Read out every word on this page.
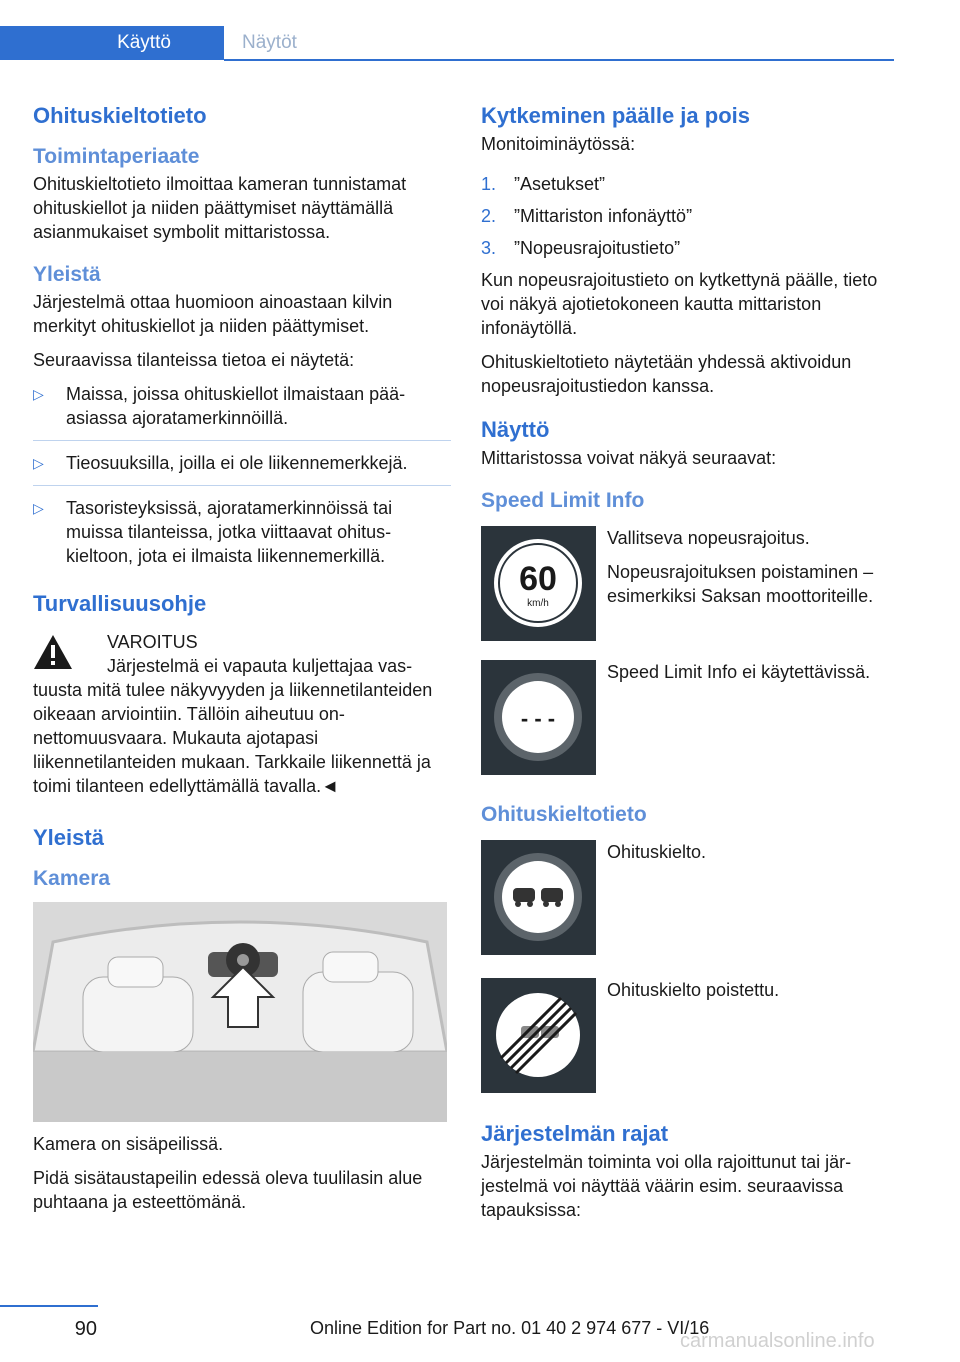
Käyttö	Näytöt
Ohituskieltotieto
Toimintaperiaate

Ohituskieltotieto ilmoittaa kameran tunnistamat ohituskiellot ja niiden päättymiset näyttämällä asianmukaiset symbolit mittaristossa.

Yleistä

Järjestelmä ottaa huomioon ainoastaan kilvin merkityt ohituskiellot ja niiden päättymiset.

Seuraavissa tilanteissa tietoa ei näytetä:

▷ Maissa, joissa ohituskiellot ilmaistaan pääasiassa ajoratamerkinnöillä.
▷ Tieosuuksilla, joilla ei ole liikennemerkkejä.
▷ Tasoristeyksissä, ajoratamerkinnöissä tai muissa tilanteissa, jotka viittaavat ohituskieltoon, jota ei ilmaista liikennemerkillä.
Turvallisuusohje

VAROITUS

Järjestelmä ei vapauta kuljettajaa vastuusta mitä tulee näkyvyyden ja liikennetilanteiden oikeaan arviointiin. Tällöin aiheutuu onnettomuusvaara. Mukauta ajotapasi liikennetilanteiden mukaan. Tarkkaile liikennettä ja toimi tilanteen edellyttämällä tavalla.◄

Yleistä
Kamera

Kamera on sisäpeilissä.

Pidä sisätaustapeilin edessä oleva tuulilasin alue puhtaana ja esteettömänä.

Kytkeminen päälle ja pois

Monitoiminäytössä:

1. ”Asetukset”
2. ”Mittariston infonäyttö”
3. ”Nopeusrajoitustieto”

Kun nopeusrajoitustieto on kytkettynä päälle, tieto voi näkyä ajotietokoneen kautta mittariston infonäytöllä.

Ohituskieltotieto näytetään yhdessä aktivoidun nopeusrajoitustiedon kanssa.

Näyttö

Mittaristossa voivat näkyä seuraavat:

Speed Limit Info
60
km/h

Vallitseva nopeusrajoitus.

Nopeusrajoituksen poistaminen – esimerkiksi Saksan moottoriteille.

- - -

Speed Limit Info ei käytettävissä.

Ohituskieltotieto

Ohituskielto.

Ohituskielto poistettu.

Järjestelmän rajat

Järjestelmän toiminta voi olla rajoittunut tai järjestelmä voi näyttää väärin esim. seuraavissa tapauksissa:

90	Online Edition for Part no. 01 40 2 974 677 - VI/16
carmanualsonline.info
